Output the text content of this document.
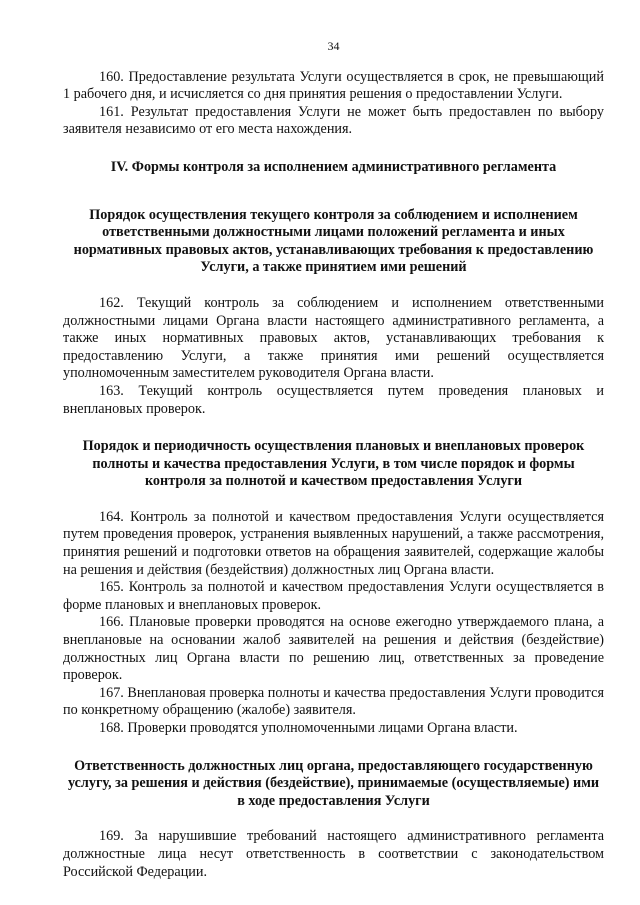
34

160. Предоставление результата Услуги осуществляется в срок, не превышающий 1 рабочего дня, и исчисляется со дня принятия решения о предоставлении Услуги.

161. Результат предоставления Услуги не может быть предоставлен по выбору заявителя независимо от его места нахождения.

IV. Формы контроля за исполнением административного регламента
Порядок осуществления текущего контроля за соблюдением и исполнением ответственными должностными лицами положений регламента и иных нормативных правовых актов, устанавливающих требования к предоставлению Услуги, а также принятием ими решений

162. Текущий контроль за соблюдением и исполнением ответственными должностными лицами Органа власти настоящего административного регламента, а также иных нормативных правовых актов, устанавливающих требования к предоставлению Услуги, а также принятия ими решений осуществляется уполномоченным заместителем руководителя Органа власти.

163. Текущий контроль осуществляется путем проведения плановых и внеплановых проверок.

Порядок и периодичность осуществления плановых и внеплановых проверок полноты и качества предоставления Услуги, в том числе порядок и формы контроля за полнотой и качеством предоставления Услуги

164. Контроль за полнотой и качеством предоставления Услуги осуществляется путем проведения проверок, устранения выявленных нарушений, а также рассмотрения, принятия решений и подготовки ответов на обращения заявителей, содержащие жалобы на решения и действия (бездействия) должностных лиц Органа власти.

165. Контроль за полнотой и качеством предоставления Услуги осуществляется в форме плановых и внеплановых проверок.

166. Плановые проверки проводятся на основе ежегодно утверждаемого плана, а внеплановые на основании жалоб заявителей на решения и действия (бездействие) должностных лиц Органа власти по решению лиц, ответственных за проведение проверок.

167. Внеплановая проверка полноты и качества предоставления Услуги проводится по конкретному обращению (жалобе) заявителя.

168. Проверки проводятся уполномоченными лицами Органа власти.

Ответственность должностных лиц органа, предоставляющего государственную услугу, за решения и действия (бездействие), принимаемые (осуществляемые) ими в ходе предоставления Услуги

169. За нарушившие требований настоящего административного регламента должностные лица несут ответственность в соответствии с законодательством Российской Федерации.
